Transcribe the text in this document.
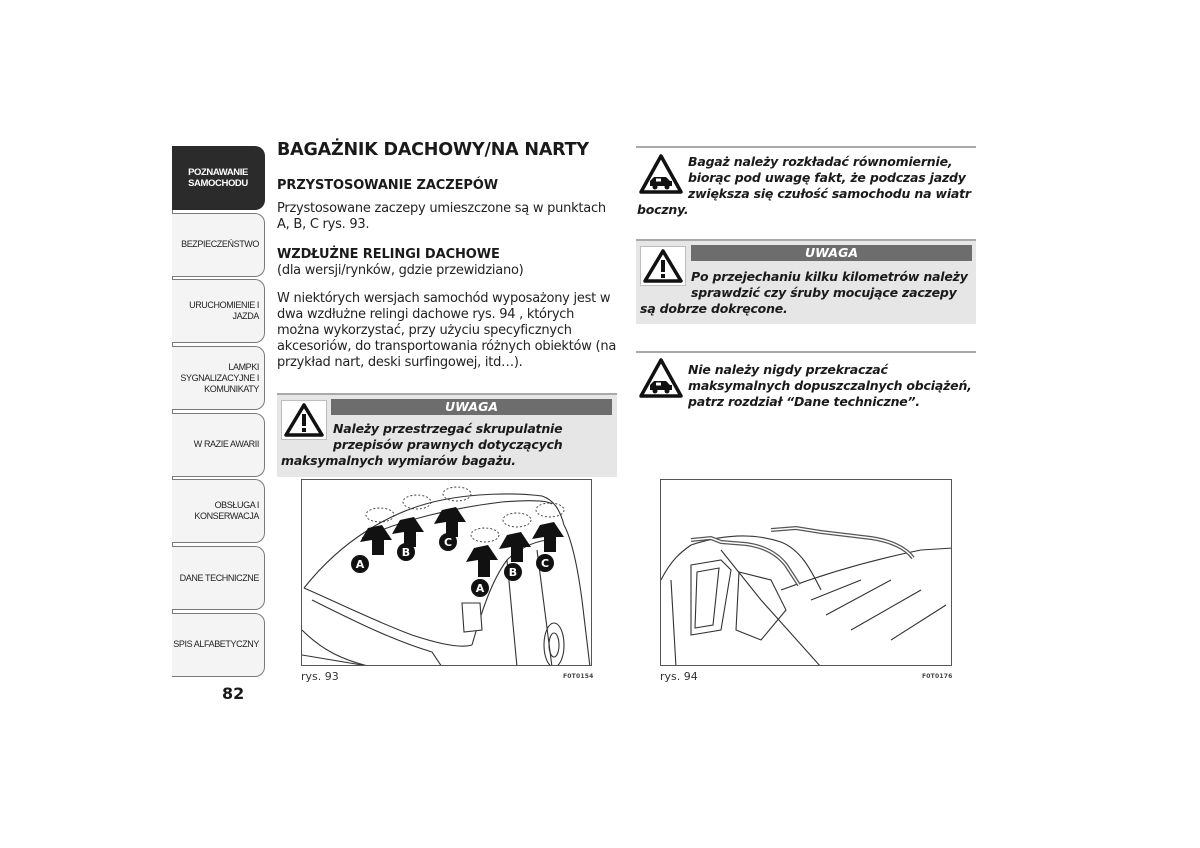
POZNAWANIE
SAMOCHODU
BEZPIECZEŃSTWO
URUCHOMIENIE I
JAZDA
LAMPKI
SYGNALIZACYJNE I
KOMUNIKATY
W RAZIE AWARII
OBSŁUGA I
KONSERWACJA
DANE TECHNICZNE
SPIS ALFABETYCZNY
82
BAGAŻNIK DACHOWY/NA NARTY
PRZYSTOSOWANIE ZACZEPÓW

Przystosowane zaczepy umieszczone są w punktach A, B, C rys. 93.

WZDŁUŻNE RELINGI DACHOWE

(dla wersji/rynków, gdzie przewidziano)

W niektórych wersjach samochód wyposażony jest w dwa wzdłużne relingi dachowe rys. 94 , których można wykorzystać, przy użyciu specyficznych akcesoriów, do transportowania różnych obiektów (na przykład nart, deski surfingowej, itd…).

UWAGA
Należy przestrzegać skrupulatnie
przepisów prawnych dotyczących
maksymalnych wymiarów bagażu.
Bagaż należy rozkładać równomiernie,
biorąc pod uwagę fakt, że podczas jazdy
zwiększa się czułość samochodu na wiatr
boczny.
UWAGA
Po przejechaniu kilku kilometrów należy
sprawdzić czy śruby mocujące zaczepy
są dobrze dokręcone.
Nie należy nigdy przekraczać
maksymalnych dopuszczalnych obciążeń,
patrz rozdział “Dane techniczne”.
A
B
C
A
B
C
rys. 93	F0T0154	rys. 94	F0T0176
